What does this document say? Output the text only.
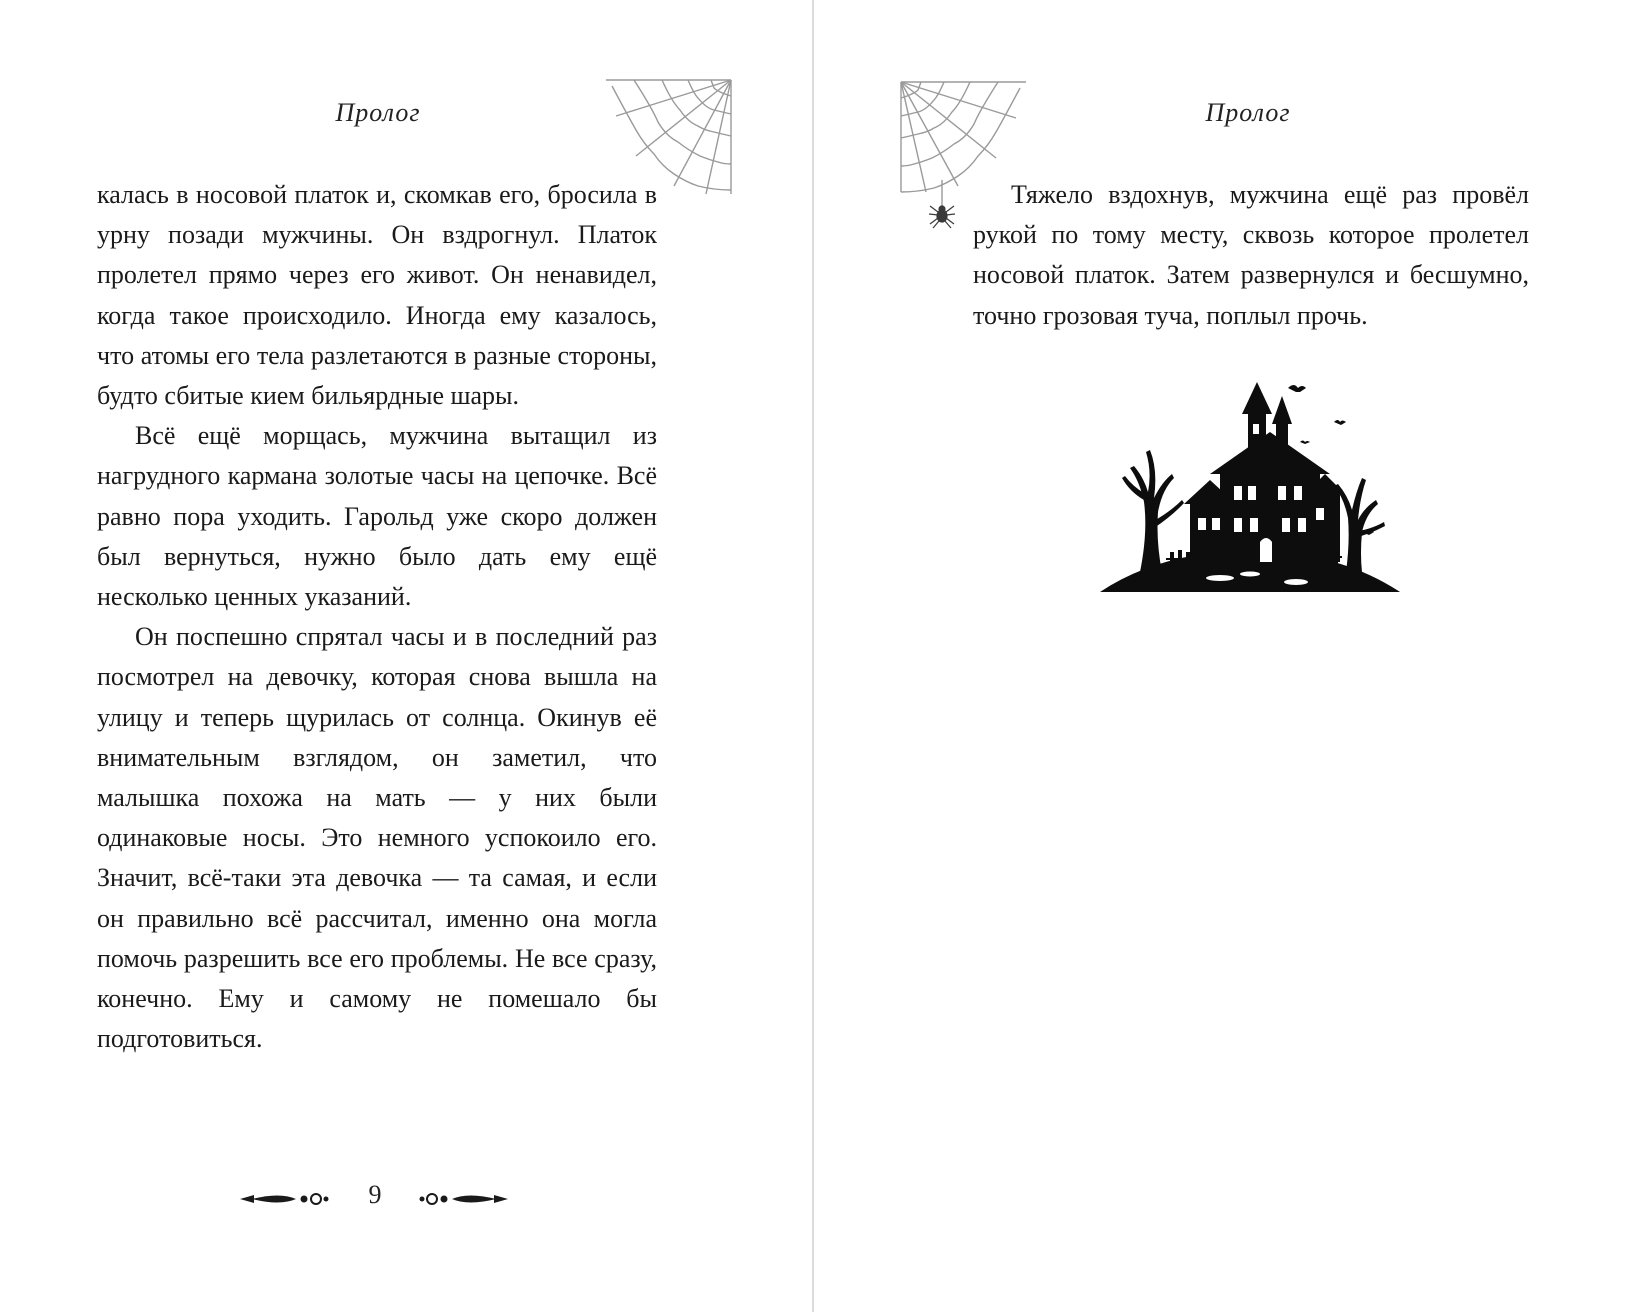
Пролог

калась в носовой платок и, скомкав его, бросила в урну позади мужчины. Он вздрогнул. Платок пролетел прямо через его живот. Он ненавидел, когда такое происходило. Иногда ему казалось, что атомы его тела разлетаются в разные стороны, будто сбитые кием бильярдные шары.

Всё ещё морщась, мужчина вытащил из нагрудного кармана золотые часы на цепочке. Всё равно пора уходить. Гарольд уже скоро должен был вернуться, нужно было дать ему ещё несколько ценных указаний.

Он поспешно спрятал часы и в последний раз посмотрел на девочку, которая снова вышла на улицу и теперь щурилась от солнца. Окинув её внимательным взглядом, он заметил, что малышка похожа на мать — у них были одинаковые носы. Это немного успокоило его. Значит, всё-таки эта девочка — та самая, и если он правильно всё рассчитал, именно она могла помочь разрешить все его проблемы. Не все сразу, конечно. Ему и самому не помешало бы подготовиться.

9
Пролог

Тяжело вздохнув, мужчина ещё раз провёл рукой по тому месту, сквозь которое пролетел носовой платок. Затем развернулся и бесшумно, точно грозовая туча, поплыл прочь.
